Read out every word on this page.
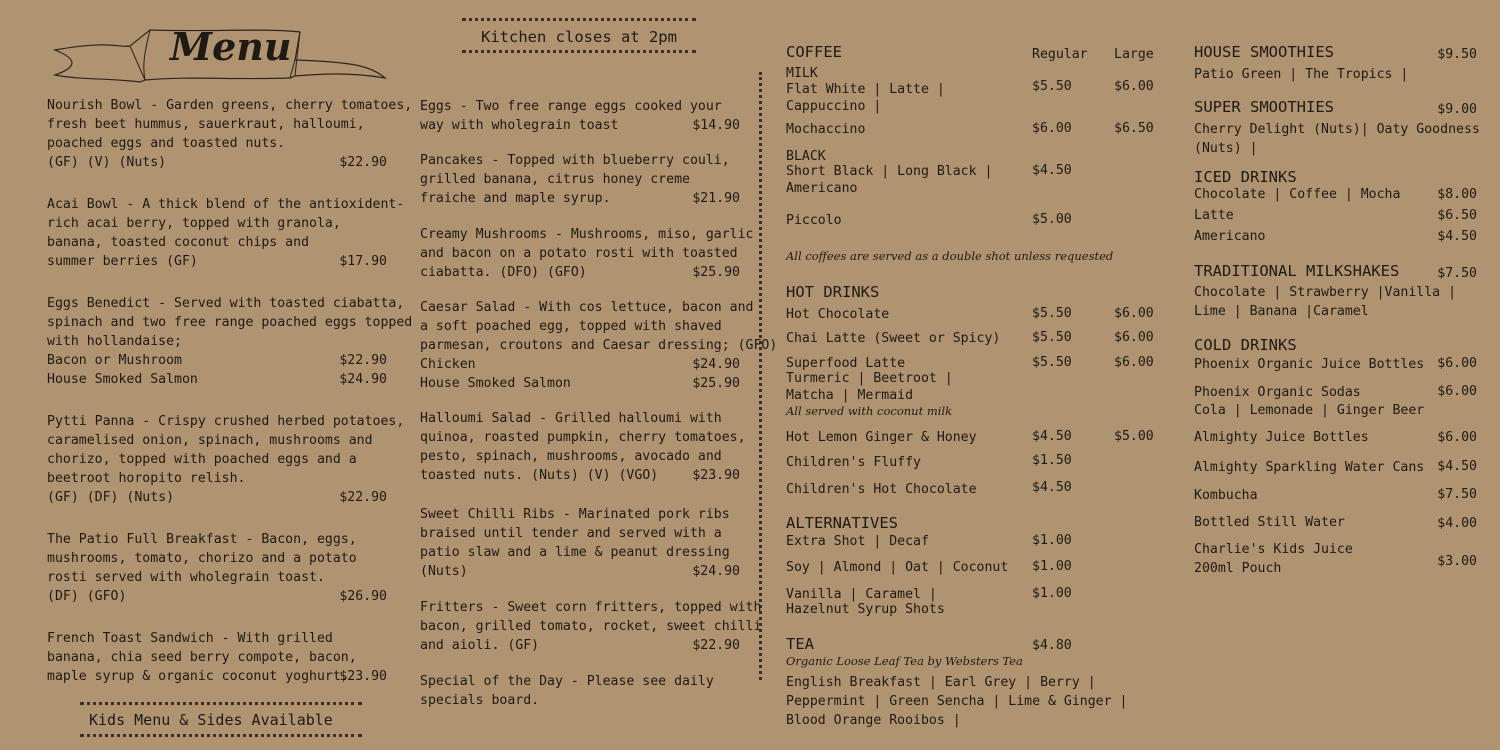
Menu	Kitchen closes at 2pm
Kids Menu & Sides Available
Nourish Bowl - Garden greens, cherry tomatoes,
fresh beet hummus, sauerkraut, halloumi,
poached eggs and toasted nuts.
(GF) (V) (Nuts)	$22.90
Acai Bowl - A thick blend of the antioxident-
rich acai berry, topped with granola,
banana, toasted coconut chips and
summer berries (GF)	$17.90
Eggs Benedict - Served with toasted ciabatta,
spinach and two free range poached eggs topped
with hollandaise;
Bacon or Mushroom	$22.90
House Smoked Salmon	$24.90
Pytti Panna - Crispy crushed herbed potatoes,
caramelised onion, spinach, mushrooms and
chorizo, topped with poached eggs and a
beetroot horopito relish.
(GF) (DF) (Nuts)	$22.90
The Patio Full Breakfast - Bacon, eggs,
mushrooms, tomato, chorizo and a potato
rosti served with wholegrain toast.
(DF) (GFO)	$26.90
French Toast Sandwich - With grilled
banana, chia seed berry compote, bacon,
maple syrup & organic coconut yoghurt.
$23.90
Eggs - Two free range eggs cooked your
way with wholegrain toast	$14.90
Pancakes - Topped with blueberry couli,
grilled banana, citrus honey creme
fraiche and maple syrup.	$21.90
Creamy Mushrooms - Mushrooms, miso, garlic
and bacon on a potato rosti with toasted
ciabatta. (DFO) (GFO)	$25.90
Caesar Salad - With cos lettuce, bacon and
a soft poached egg, topped with shaved
parmesan, croutons and Caesar dressing; (GFO)
Chicken	$24.90
House Smoked Salmon	$25.90
Halloumi Salad - Grilled halloumi with
quinoa, roasted pumpkin, cherry tomatoes,
pesto, spinach, mushrooms, avocado and
toasted nuts. (Nuts) (V) (VGO)	$23.90
Sweet Chilli Ribs - Marinated pork ribs
braised until tender and served with a
patio slaw and a lime & peanut dressing
(Nuts)	$24.90
Fritters - Sweet corn fritters, topped with
bacon, grilled tomato, rocket, sweet chilli
and aioli. (GF)	$22.90
Special of the Day - Please see daily
specials board.
COFFEE	Regular Large
MILK
Flat White | Latte |
Cappuccino |
$5.50	$6.00
Mochaccino	$6.00	$6.50
BLACK
Short Black | Long Black |
Americano
$4.50
Piccolo	$5.00
All coffees are served as a double shot unless requested
HOT DRINKS
Hot Chocolate	$5.50	$6.00
Chai Latte (Sweet or Spicy) $5.50	$6.00
Superfood Latte	$5.50	$6.00
Turmeric | Beetroot |
Matcha | Mermaid
All served with coconut milk
Hot Lemon Ginger & Honey	$4.50	$5.00
Children's Fluffy	$1.50
Children's Hot Chocolate	$4.50
ALTERNATIVES
Extra Shot | Decaf	$1.00
Soy | Almond | Oat | Coconut $1.00
Vanilla | Caramel |	$1.00
Hazelnut Syrup Shots
TEA	$4.80
Organic Loose Leaf Tea by Websters Tea
English Breakfast | Earl Grey | Berry |
Peppermint | Green Sencha | Lime & Ginger |
Blood Orange Rooibos |
HOUSE SMOOTHIES	$9.50
Patio Green | The Tropics |
SUPER SMOOTHIES	$9.00
Cherry Delight (Nuts)| Oaty Goodness
(Nuts) |
ICED DRINKS
Chocolate | Coffee | Mocha	$8.00
Latte	$6.50
Americano	$4.50
TRADITIONAL MILKSHAKES	$7.50
Chocolate | Strawberry |Vanilla |
Lime | Banana |Caramel
COLD DRINKS
Phoenix Organic Juice Bottles $6.00
Phoenix Organic Sodas
Cola | Lemonade | Ginger Beer
$6.00
Almighty Juice Bottles	$6.00
Almighty Sparkling Water Cans $4.50
Kombucha	$7.50
Bottled Still Water	$4.00
Charlie's Kids Juice
200ml Pouch	$3.00
